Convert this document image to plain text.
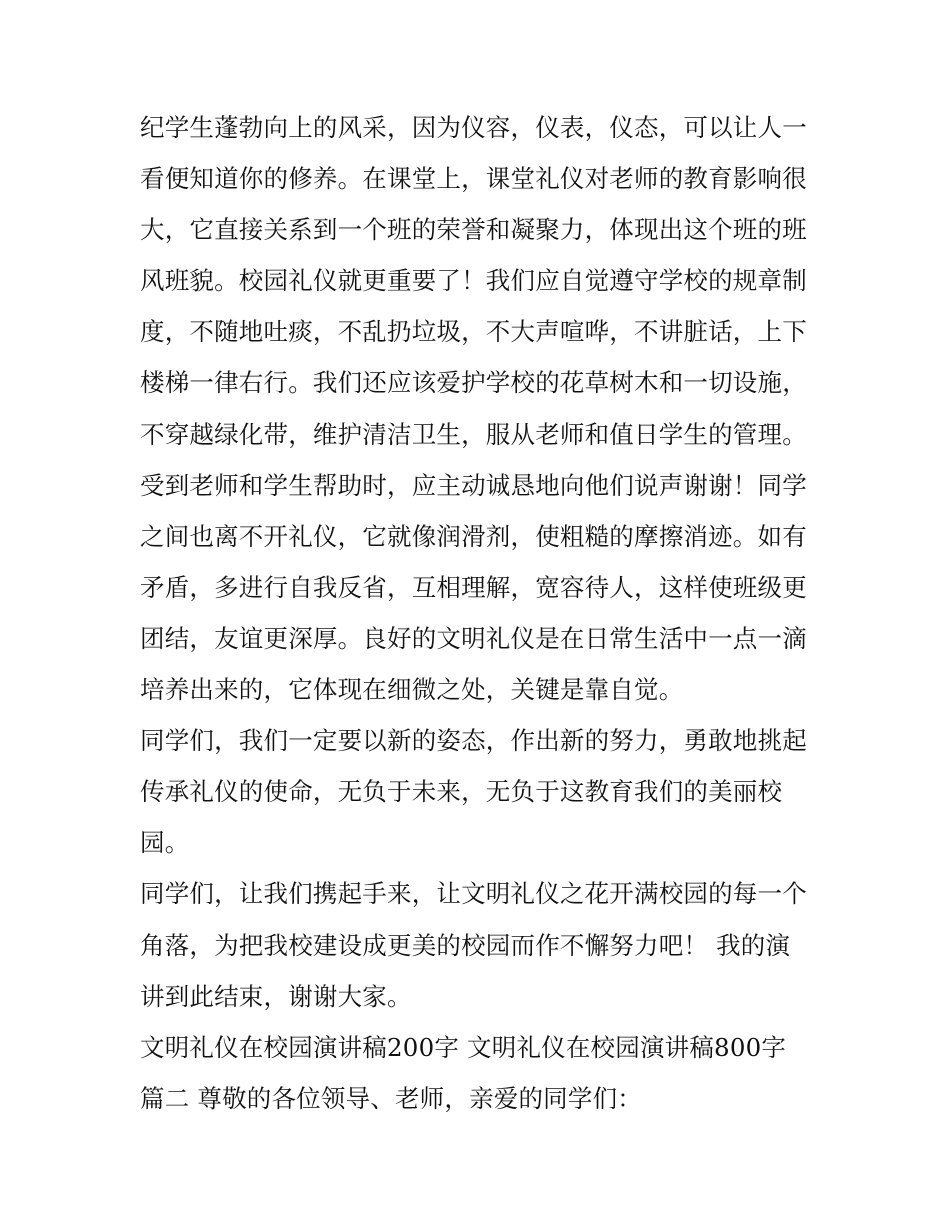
纪学生蓬勃向上的风采，因为仪容，仪表，仪态，可以让人一
看便知道你的修养。在课堂上，课堂礼仪对老师的教育影响很
大，它直接关系到一个班的荣誉和凝聚力，体现出这个班的班
风班貌。校园礼仪就更重要了！我们应自觉遵守学校的规章制
度，不随地吐痰，不乱扔垃圾，不大声喧哗，不讲脏话，上下
楼梯一律右行。我们还应该爱护学校的花草树木和一切设施，
不穿越绿化带，维护清洁卫生，服从老师和值日学生的管理。
受到老师和学生帮助时，应主动诚恳地向他们说声谢谢！同学
之间也离不开礼仪，它就像润滑剂，使粗糙的摩擦消迹。如有
矛盾，多进行自我反省，互相理解，宽容待人，这样使班级更
团结，友谊更深厚。良好的文明礼仪是在日常生活中一点一滴
培养出来的，它体现在细微之处，关键是靠自觉。
同学们，我们一定要以新的姿态，作出新的努力，勇敢地挑起
传承礼仪的使命，无负于未来，无负于这教育我们的美丽校
园。
同学们，让我们携起手来，让文明礼仪之花开满校园的每一个
角落，为把我校建设成更美的校园而作不懈努力吧！ 我的演
讲到此结束，谢谢大家。
文明礼仪在校园演讲稿200字 文明礼仪在校园演讲稿800字
篇二 尊敬的各位领导、老师，亲爱的同学们：
